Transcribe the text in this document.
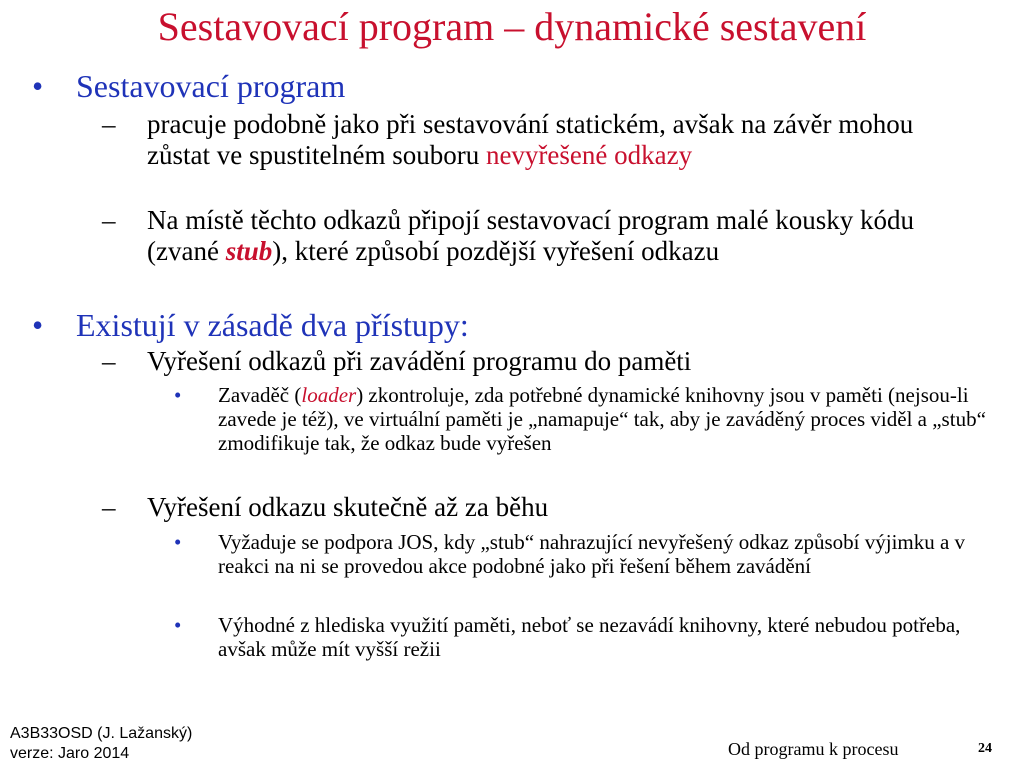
Sestavovací program – dynamické sestavení
• Sestavovací program
–	pracuje podobně jako při sestavování statickém, avšak na závěr mohou zůstat ve spustitelném souboru nevyřešené odkazy
–	Na místě těchto odkazů připojí sestavovací program malé kousky kódu (zvané stub), které způsobí pozdější vyřešení odkazu
• Existují v zásadě dva přístupy:
–	Vyřešení odkazů při zavádění programu do paměti
• Zavaděč (loader) zkontroluje, zda potřebné dynamické knihovny jsou v paměti (nejsou-li zavede je též), ve virtuální paměti je „namapuje“ tak, aby je zaváděný proces viděl a „stub“ zmodifikuje tak, že odkaz bude vyřešen
–	Vyřešení odkazu skutečně až za běhu
• Vyžaduje se podpora JOS, kdy „stub“ nahrazující nevyřešený odkaz způsobí výjimku a v reakci na ni se provedou akce podobné jako při řešení během zavádění
• Výhodné z hlediska využití paměti, neboť se nezavádí knihovny, které nebudou potřeba, avšak může mít vyšší režii
A3B33OSD (J. Lažanský)
verze: Jaro 2014	Od programu k procesu	24
